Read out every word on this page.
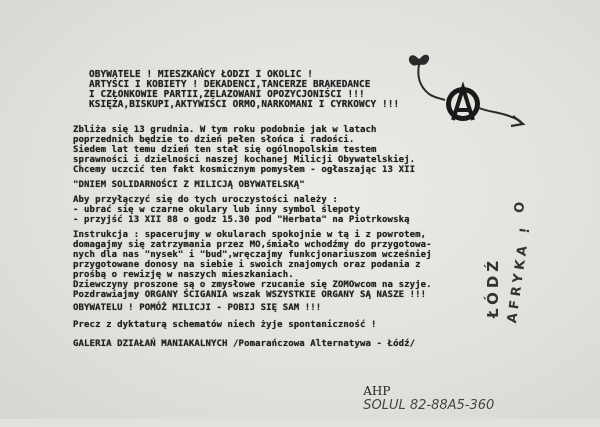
OBYWATELE ! MIESZKAŃCY ŁODZI I OKOLIC !
ARTYŚCI I KOBIETY ! DEKADENCI,TANCERZE BRAKEDANCE
I CZŁONKOWIE PARTII,ZELAZOWANI OPOZYCJONIŚCI !!!
KSIĘŻA,BISKUPI,AKTYWIŚCI ORMO,NARKOMANI I CYRKOWCY !!!
Zbliża się 13 grudnia. W tym roku podobnie jak w latach
poprzednich będzie to dzień pełen słońca i radości.
Siedem lat temu dzień ten stał się ogólnopolskim testem
sprawności i dzielności naszej kochanej Milicji Obywatelskiej.
Chcemy uczcić ten fakt kosmicznym pomysłem - ogłaszając 13 XII
"DNIEM SOLIDARNOŚCI Z MILICJĄ OBYWATELSKĄ"
Aby przyłączyć się do tych uroczystości należy :
- ubrać się w czarne okulary lub inny symbol ślepoty
- przyjść 13 XII 88 o godz 15.30 pod "Herbata" na Piotrkowską
Instrukcja : spacerujmy w okularach spokojnie w tą i z powrotem,
domagajmy się zatrzymania przez MO,śmiało wchodźmy do przygotowa-
nych dla nas "nysek" i "bud",wręczajmy funkcjonariuszom wcześniej
przygotowane donosy na siebie i swoich znajomych oraz podania z
prośbą o rewizję w naszych mieszkaniach.
Dziewczyny proszone są o zmysłowe rzucanie się ZOMOwcom na szyje.
Pozdrawiajmy ORGANY ŚCIGANIA wszak WSZYSTKIE ORGANY SĄ NASZE !!!
OBYWATELU ! POMÓŻ MILICJI - POBIJ SIĘ SAM !!!
Precz z dyktaturą schematów niech żyje spontaniczność !
GALERIA DZIAŁAŃ MANIAKALNYCH /Pomarańczowa Alternatywa - Łódź/
ŁÓDŹ AFRYKA !
O

AHP
SOLUL 82-88A5-360
